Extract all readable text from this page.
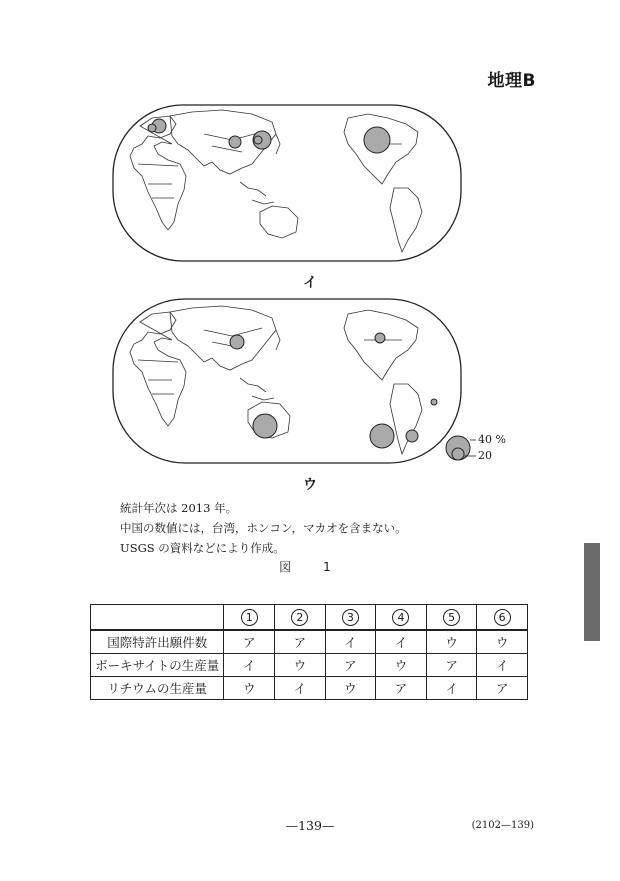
地理B
イ
40 %
20
ウ
統計年次は 2013 年。
中国の数値には，台湾，ホンコン，マカオを含まない。
USGS の資料などにより作成。
図　1
	1	2	3	4	5	6
国際特許出願件数	ア	ア	イ	イ	ウ	ウ
ボーキサイトの生産量	イ	ウ	ア	ウ	ア	イ
リチウムの生産量	ウ	イ	ウ	ア	イ	ア
—139—	(2102—139)
